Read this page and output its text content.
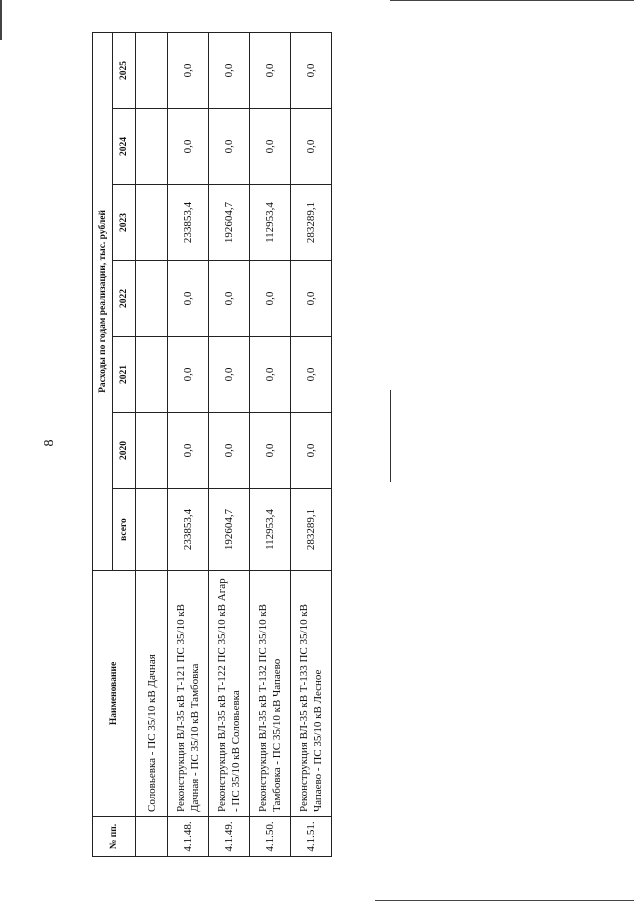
8
№ пп.	Наименование	Расходы по годам реализации, тыс. рублей						
		всего	2020	2021	2022	2023	2024	2025
	Соловьевка - ПС 35/10 кВ Дачная							
4.1.48.	Реконструкция ВЛ-35 кВ Т-121 ПС 35/10 кВ Дачная - ПС 35/10 кВ Тамбовка	233853,4	0,0	0,0	0,0	233853,4	0,0	0,0
4.1.49.	Реконструкция ВЛ-35 кВ Т-122 ПС 35/10 кВ Агар - ПС 35/10 кВ Соловьевка	192604,7	0,0	0,0	0,0	192604,7	0,0	0,0
4.1.50.	Реконструкция ВЛ-35 кВ Т-132 ПС 35/10 кВ Тамбовка - ПС 35/10 кВ Чапаево	112953,4	0,0	0,0	0,0	112953,4	0,0	0,0
4.1.51.	Реконструкция ВЛ-35 кВ Т-133 ПС 35/10 кВ Чапаево - ПС 35/10 кВ Лесное	283289,1	0,0	0,0	0,0	283289,1	0,0	0,0
